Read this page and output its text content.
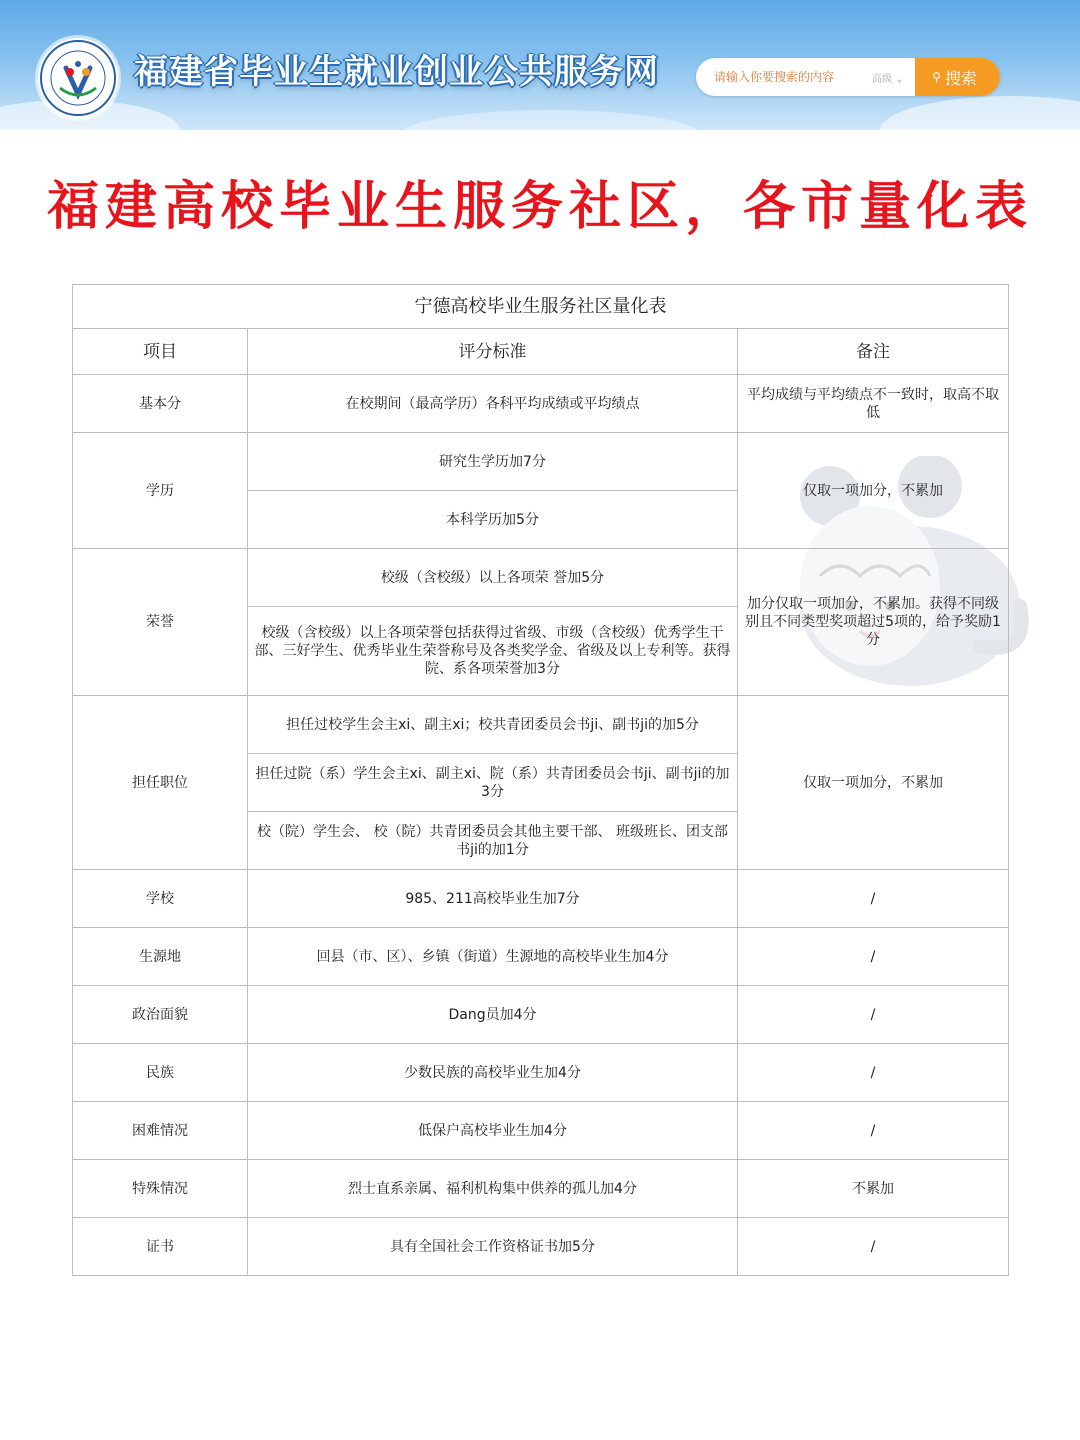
福建省毕业生就业创业公共服务网
请输入你要搜索的内容	高级 ⌄ ⚲ 搜索
福建高校毕业生服务社区，各市量化表
宁德高校毕业生服务社区量化表		
项目	评分标准	备注
基本分	在校期间（最高学历）各科平均成绩或平均绩点	平均成绩与平均绩点不一致时，取高不取低
学历	研究生学历加7分	仅取一项加分，不累加
	本科学历加5分	
荣誉	校级（含校级）以上各项荣 誉加5分	加分仅取一项加分，不累加。获得不同级别且不同类型奖项超过5项的，给予奖励1分
	校级（含校级）以上各项荣誉包括获得过省级、市级（含校级）优秀学生干部、三好学生、优秀毕业生荣誉称号及各类奖学金、省级及以上专利等。获得院、系各项荣誉加3分	
担任职位	担任过校学生会主xi、副主xi；校共青团委员会书ji、副书ji的加5分	仅取一项加分，不累加
	担任过院（系）学生会主xi、副主xi、院（系）共青团委员会书ji、副书ji的加3分	
	校（院）学生会、 校（院）共青团委员会其他主要干部、 班级班长、团支部书ji的加1分	
学校	985、211高校毕业生加7分	/
生源地	回县（市、区）、乡镇（街道）生源地的高校毕业生加4分	/
政治面貌	Dang员加4分	/
民族	少数民族的高校毕业生加4分	/
困难情况	低保户高校毕业生加4分	/
特殊情况	烈士直系亲属、福利机构集中供养的孤儿加4分	不累加
证书	具有全国社会工作资格证书加5分	/
